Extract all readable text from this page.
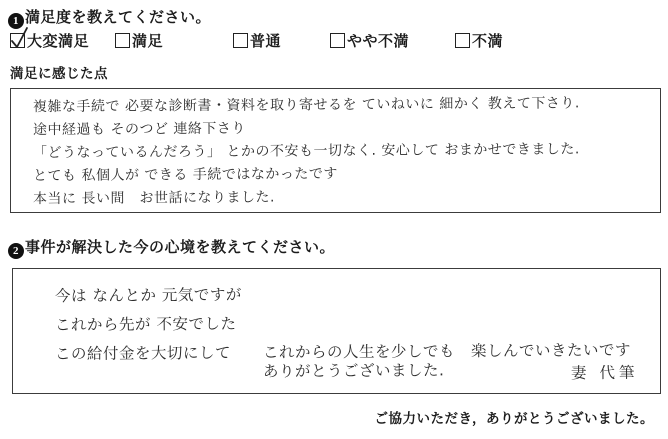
1 満足度を教えてください。
大変満足	満足	普通	やや不満	不満
満足に感じた点
複雑な手続で 必要な診断書・資料を取り寄せるを ていねいに 細かく 教えて下さり.
途中経過も そのつど 連絡下さり
「どうなっているんだろう」 とかの不安も一切なく. 安心して おまかせできました.
とても 私個人が できる 手続ではなかったです
本当に 長い間　お世話になりました.
2 事件が解決した今の心境を教えてください。
今は なんとか 元気ですが
これから先が 不安でした
この給付金を大切にして　　これからの人生を少しでも　楽しんでいきたいです
ありがとうございました.	妻 代筆
ご協力いただき，ありがとうございました。
